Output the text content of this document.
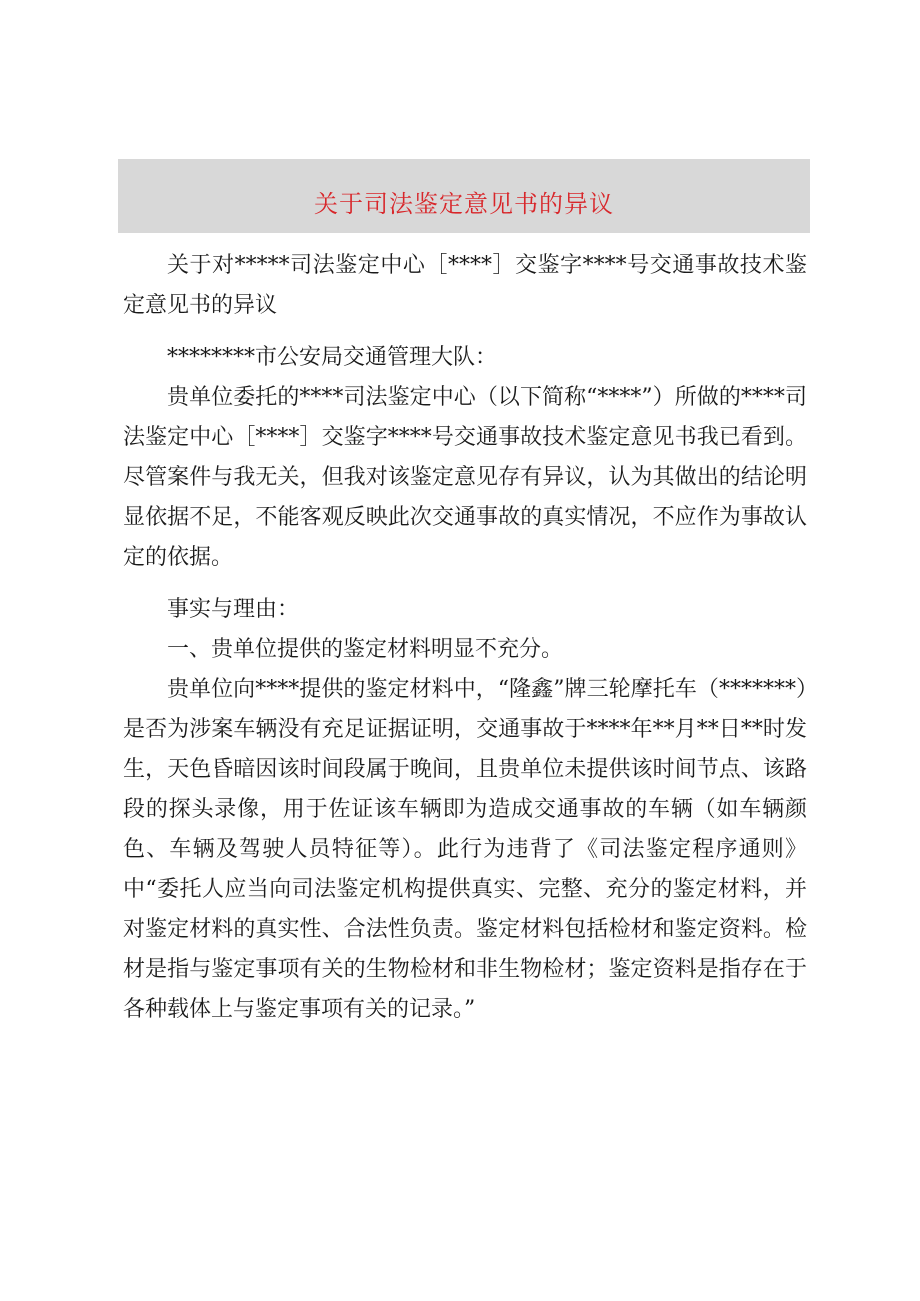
关于司法鉴定意见书的异议

关于对*****司法鉴定中心［****］交鉴字****号交通事故技术鉴定意见书的异议

********市公安局交通管理大队：

贵单位委托的****司法鉴定中心（以下简称“****”）所做的****司法鉴定中心［****］交鉴字****号交通事故技术鉴定意见书我已看到。尽管案件与我无关，但我对该鉴定意见存有异议，认为其做出的结论明显依据不足，不能客观反映此次交通事故的真实情况，不应作为事故认定的依据。

事实与理由：

一、贵单位提供的鉴定材料明显不充分。

贵单位向****提供的鉴定材料中，“隆鑫”牌三轮摩托车（*******）是否为涉案车辆没有充足证据证明，交通事故于****年**月**日**时发生，天色昏暗因该时间段属于晚间，且贵单位未提供该时间节点、该路段的探头录像，用于佐证该车辆即为造成交通事故的车辆（如车辆颜色、车辆及驾驶人员特征等）。此行为违背了《司法鉴定程序通则》中“委托人应当向司法鉴定机构提供真实、完整、充分的鉴定材料，并对鉴定材料的真实性、合法性负责。鉴定材料包括检材和鉴定资料。检材是指与鉴定事项有关的生物检材和非生物检材；鉴定资料是指存在于各种载体上与鉴定事项有关的记录。”
